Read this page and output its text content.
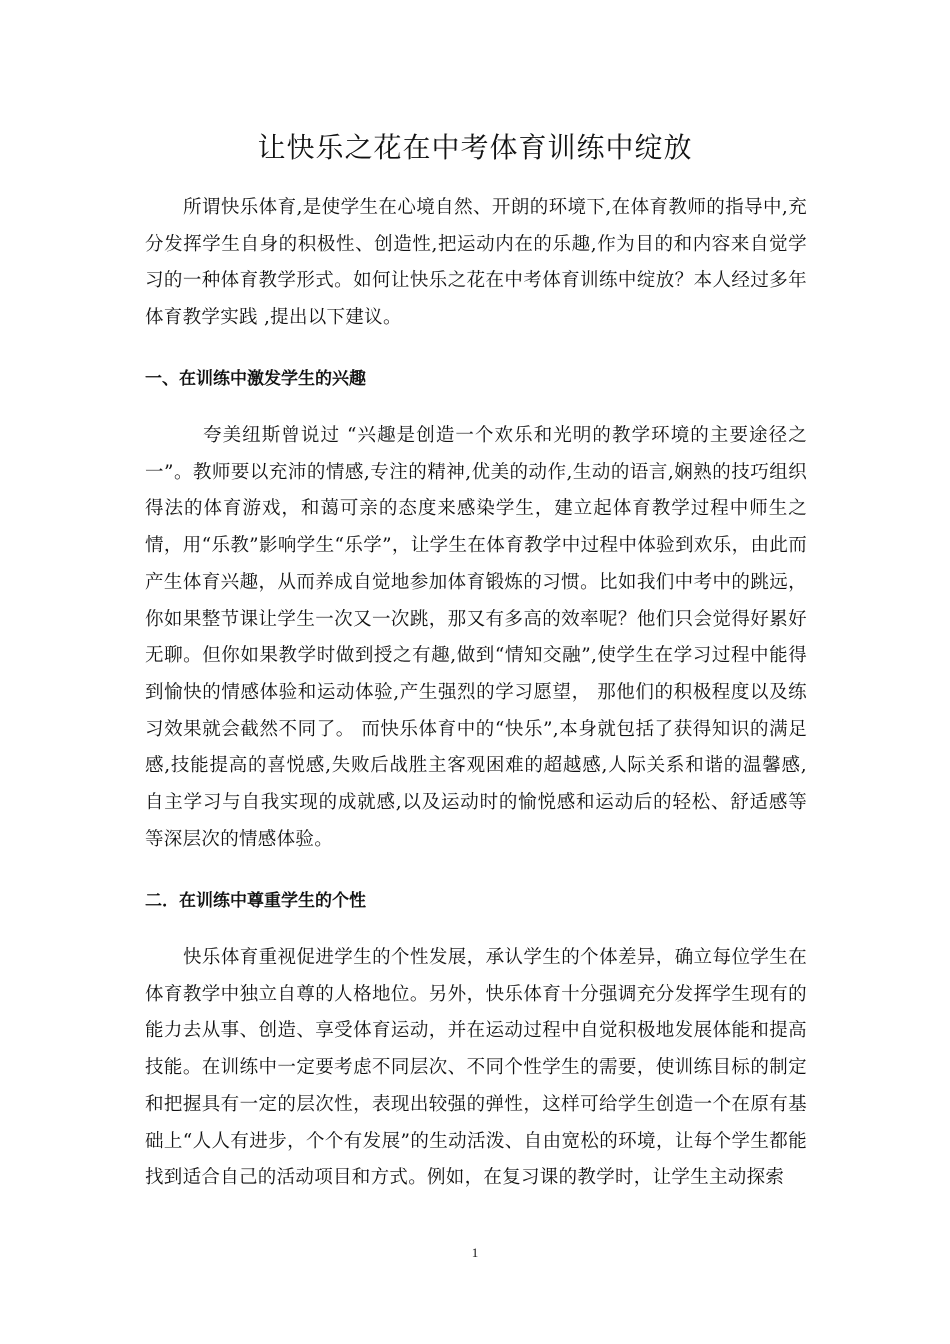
让快乐之花在中考体育训练中绽放

所谓快乐体育,是使学生在心境自然、开朗的环境下,在体育教师的指导中,充分发挥学生自身的积极性、创造性,把运动内在的乐趣,作为目的和内容来自觉学习的一种体育教学形式。如何让快乐之花在中考体育训练中绽放？本人经过多年体育教学实践 ,提出以下建议。

一、在训练中激发学生的兴趣

夸美纽斯曾说过 “兴趣是创造一个欢乐和光明的教学环境的主要途径之一”。教师要以充沛的情感,专注的精神,优美的动作,生动的语言,娴熟的技巧组织得法的体育游戏，和蔼可亲的态度来感染学生，建立起体育教学过程中师生之情，用“乐教”影响学生“乐学”，让学生在体育教学中过程中体验到欢乐，由此而产生体育兴趣，从而养成自觉地参加体育锻炼的习惯。比如我们中考中的跳远，你如果整节课让学生一次又一次跳，那又有多高的效率呢？他们只会觉得好累好无聊。但你如果教学时做到授之有趣,做到“情知交融”,使学生在学习过程中能得到愉快的情感体验和运动体验,产生强烈的学习愿望， 那他们的积极程度以及练习效果就会截然不同了。 而快乐体育中的“快乐”,本身就包括了获得知识的满足感,技能提高的喜悦感,失败后战胜主客观困难的超越感,人际关系和谐的温馨感,自主学习与自我实现的成就感,以及运动时的愉悦感和运动后的轻松、舒适感等等深层次的情感体验。

二．在训练中尊重学生的个性

快乐体育重视促进学生的个性发展，承认学生的个体差异，确立每位学生在体育教学中独立自尊的人格地位。另外，快乐体育十分强调充分发挥学生现有的能力去从事、创造、享受体育运动，并在运动过程中自觉积极地发展体能和提高技能。在训练中一定要考虑不同层次、不同个性学生的需要，使训练目标的制定和把握具有一定的层次性，表现出较强的弹性，这样可给学生创造一个在原有基础上“人人有进步，个个有发展”的生动活泼、自由宽松的环境，让每个学生都能找到适合自己的活动项目和方式。例如，在复习课的教学时，让学生主动探索

1
